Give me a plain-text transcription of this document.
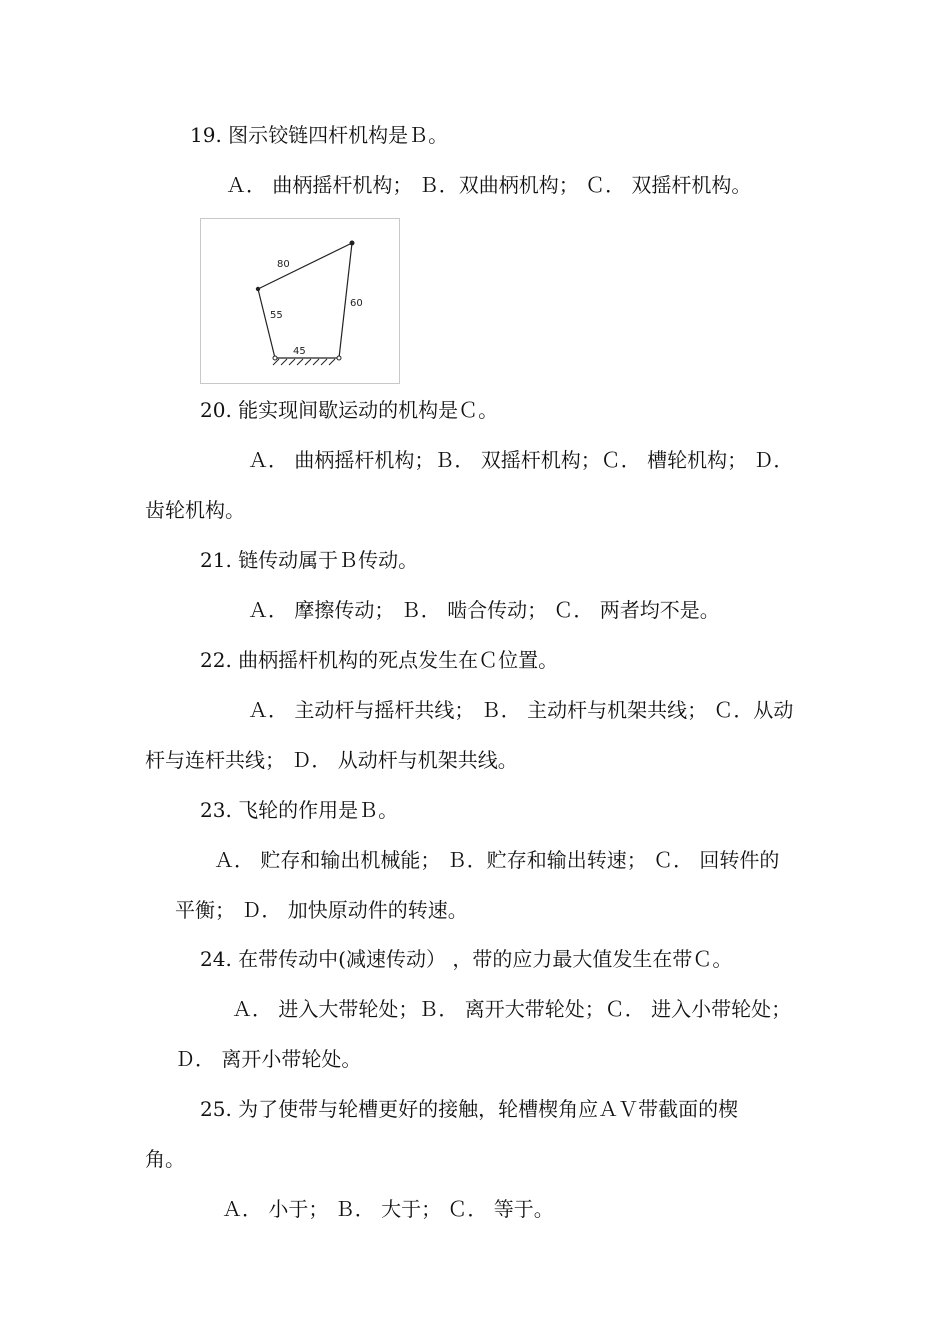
19. 图示铰链四杆机构是Ｂ。
Ａ． 曲柄摇杆机构； Ｂ．双曲柄机构； Ｃ． 双摇杆机构。
80
55
60
45
20. 能实现间歇运动的机构是Ｃ。
Ａ． 曲柄摇杆机构；Ｂ． 双摇杆机构；Ｃ． 槽轮机构； Ｄ．
齿轮机构。
21. 链传动属于Ｂ传动。
Ａ． 摩擦传动； Ｂ． 啮合传动； Ｃ． 两者均不是。
22. 曲柄摇杆机构的死点发生在Ｃ位置。
Ａ． 主动杆与摇杆共线； Ｂ． 主动杆与机架共线； Ｃ．从动
杆与连杆共线； Ｄ． 从动杆与机架共线。
23. 飞轮的作用是Ｂ。
Ａ． 贮存和输出机械能； Ｂ．贮存和输出转速； Ｃ． 回转件的
平衡； Ｄ． 加快原动件的转速。
24. 在带传动中(减速传动） ，带的应力最大值发生在带Ｃ。
Ａ． 进入大带轮处；Ｂ． 离开大带轮处；Ｃ． 进入小带轮处；
Ｄ． 离开小带轮处。
25. 为了使带与轮槽更好的接触，轮槽楔角应ＡＶ带截面的楔
角。
Ａ． 小于； Ｂ． 大于； Ｃ． 等于。
